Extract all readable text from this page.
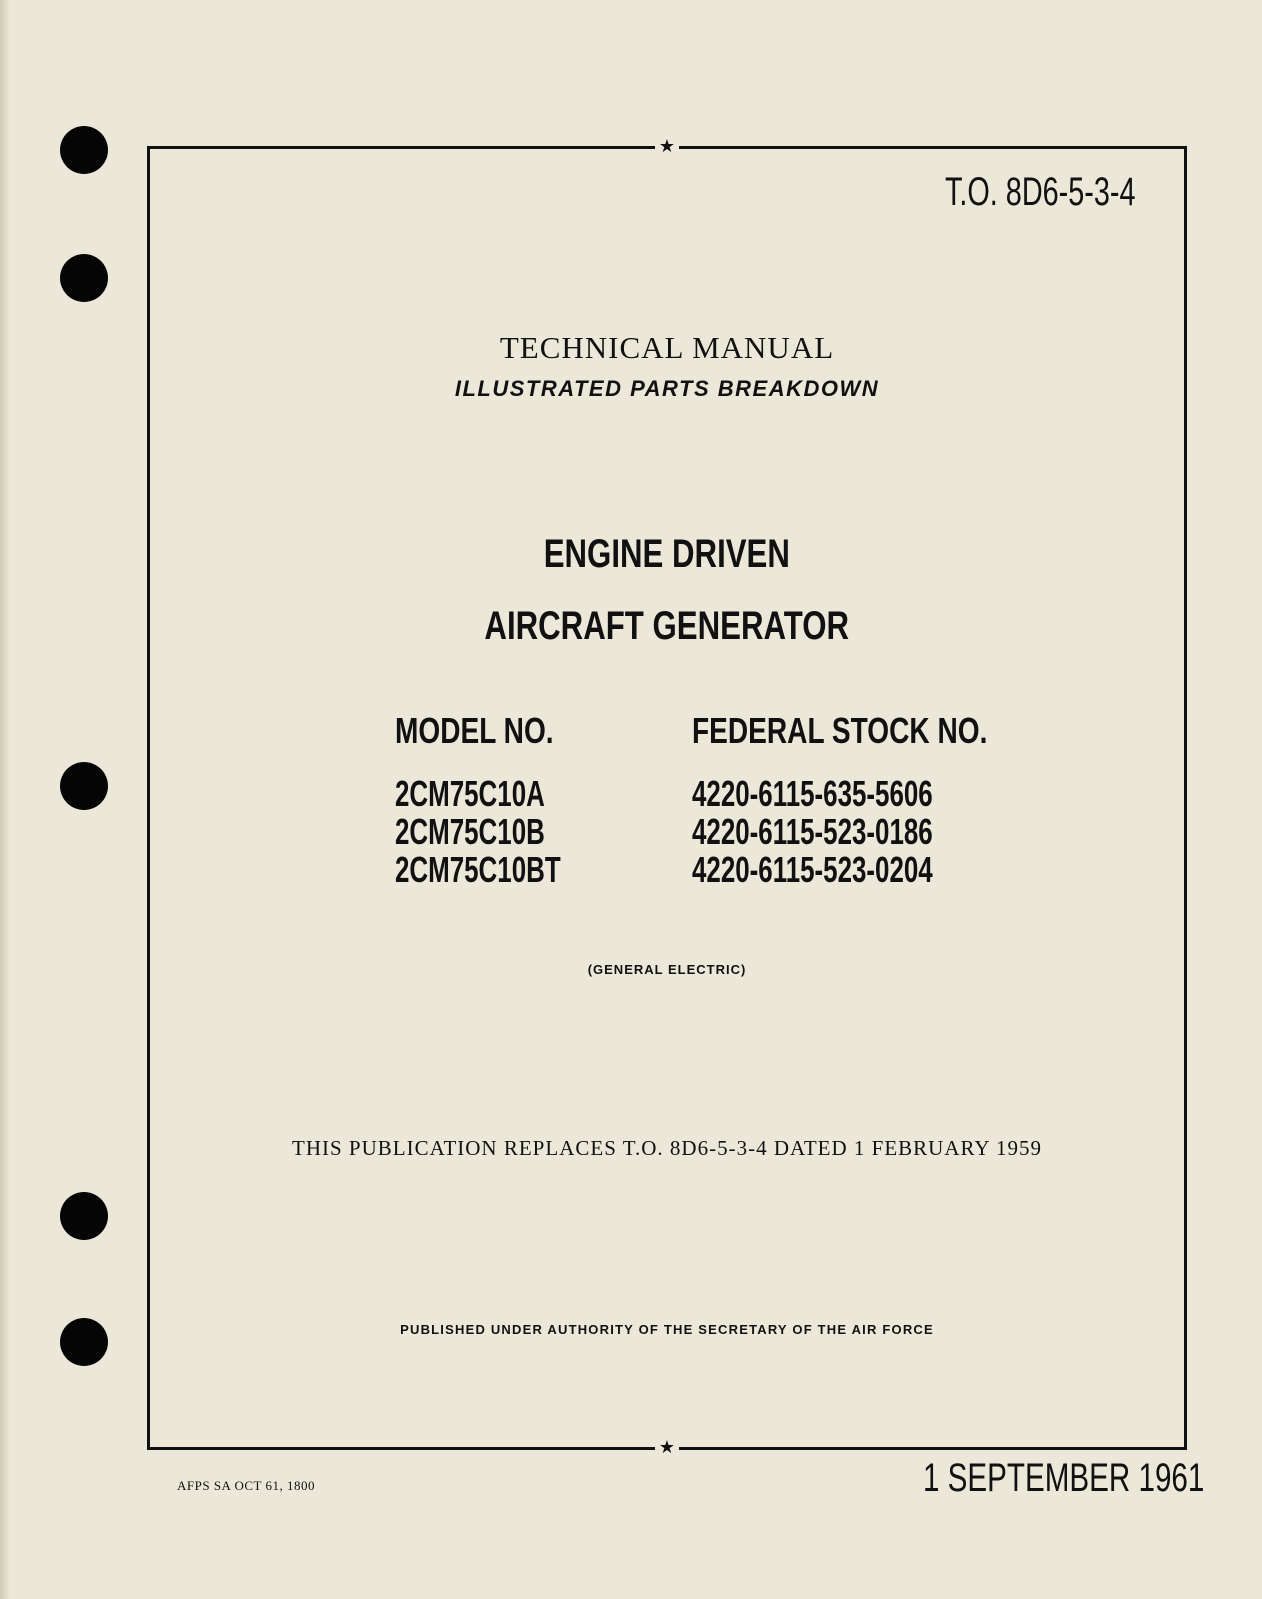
★
★
T.O. 8D6-5-3-4
TECHNICAL MANUAL
ILLUSTRATED PARTS BREAKDOWN
ENGINE DRIVEN
AIRCRAFT GENERATOR
MODEL NO.	FEDERAL STOCK NO.
2CM75C10A	4220-6115-635-5606
2CM75C10B	4220-6115-523-0186
2CM75C10BT	4220-6115-523-0204
(GENERAL ELECTRIC)
THIS PUBLICATION REPLACES T.O. 8D6-5-3-4 DATED 1 FEBRUARY 1959
PUBLISHED UNDER AUTHORITY OF THE SECRETARY OF THE AIR FORCE
AFPS SA OCT 61, 1800	1 SEPTEMBER 1961
